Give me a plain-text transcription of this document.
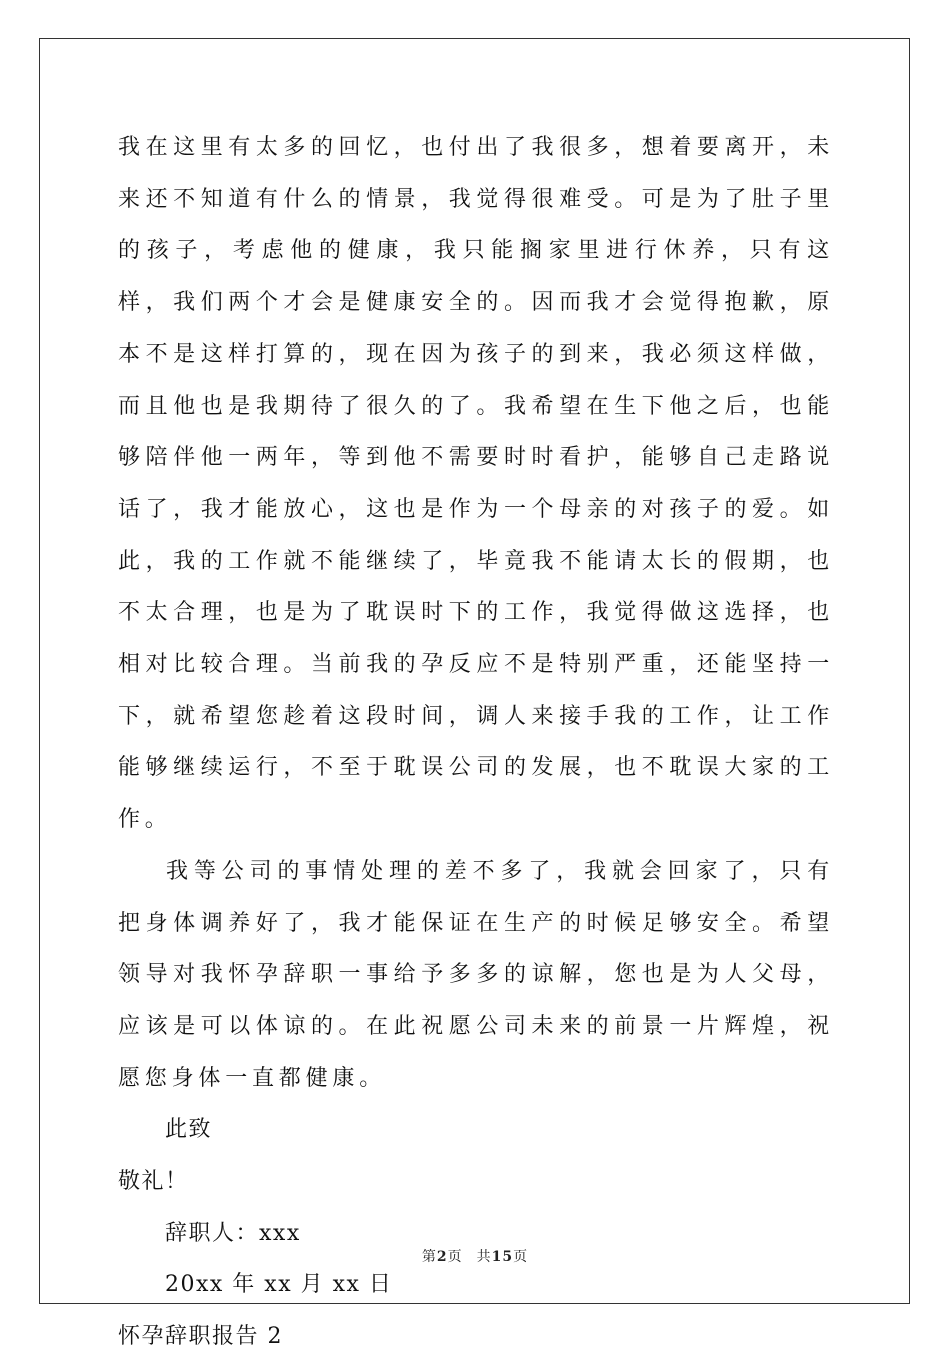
我在这里有太多的回忆，也付出了我很多，想着要离开，未来还不知道有什么的情景，我觉得很难受。可是为了肚子里的孩子，考虑他的健康，我只能搁家里进行休养，只有这样，我们两个才会是健康安全的。因而我才会觉得抱歉，原本不是这样打算的，现在因为孩子的到来，我必须这样做，而且他也是我期待了很久的了。我希望在生下他之后，也能够陪伴他一两年，等到他不需要时时看护，能够自己走路说话了，我才能放心，这也是作为一个母亲的对孩子的爱。如此，我的工作就不能继续了，毕竟我不能请太长的假期，也不太合理，也是为了耽误时下的工作，我觉得做这选择，也相对比较合理。当前我的孕反应不是特别严重，还能坚持一下，就希望您趁着这段时间，调人来接手我的工作，让工作能够继续运行，不至于耽误公司的发展，也不耽误大家的工作。

我等公司的事情处理的差不多了，我就会回家了，只有把身体调养好了，我才能保证在生产的时候足够安全。希望领导对我怀孕辞职一事给予多多的谅解，您也是为人父母，应该是可以体谅的。在此祝愿公司未来的前景一片辉煌，祝愿您身体一直都健康。

此致

敬礼！

辞职人：xxx

20xx 年 xx 月 xx 日

怀孕辞职报告 2

第2页 共15页
